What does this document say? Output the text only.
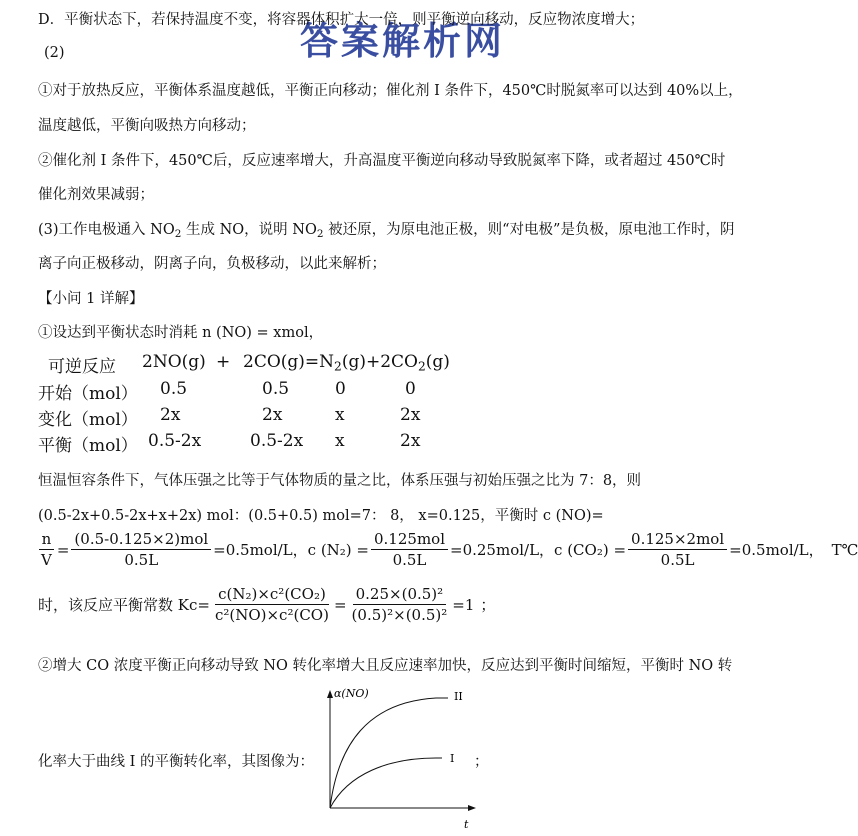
答案解析网
D．平衡状态下，若保持温度不变，将容器体积扩大一倍，则平衡逆向移动，反应物浓度增大；
(2)
①对于放热反应，平衡体系温度越低，平衡正向移动；催化剂 I 条件下，450℃时脱氮率可以达到 40%以上，
温度越低，平衡向吸热方向移动；
②催化剂 I 条件下，450℃后，反应速率增大，升高温度平衡逆向移动导致脱氮率下降，或者超过 450℃时
催化剂效果减弱；
(3)工作电极通入 $NO_2$ 生成 NO，说明 $NO_2$ 被还原，为原电池正极，则“对电极”是负极，原电池工作时，阴
离子向正极移动，阴离子向，负极移动，以此来解析；
【小问 1 详解】
①设达到平衡状态时消耗 n (NO) = xmol，
可逆反应 $2NO(g) + 2CO(g)=N_2(g)+2CO_2(g)$
开始（mol） 0.5	0.5	0	0
变化（mol） 2x	2x	x	2x
平衡（mol） 0.5-2x	0.5-2x x	2x
恒温恒容条件下，气体压强之比等于气体物质的量之比，体系压强与初始压强之比为 7：8，则
(0.5-2x+0.5-2x+x+2x) mol：(0.5+0.5) mol=7： 8， x=0.125，平衡时 c (NO)=
$\frac{n}{V} = \frac{\text{(0.5-0.125×2)mol}}{0.5L} =0.5mol/L$，c $(N_2) = \frac{\text{0.125mol}}{0.5L} =0.25mol/L$，c $(CO_2) = \frac{\text{0.125×2mol}}{0.5L} =0.5mol/L$， T℃
时，该反应平衡常数 $Kc= \frac{\text{c(N₂)×c²(CO₂)}}{\text{c²(NO)×c²(CO)}} = \frac{\text{0.25×(0.5)²}}{\text{(0.5)²×(0.5)²}} =1$ ；
②增大 CO 浓度平衡正向移动导致 NO 转化率增大且反应速率加快，反应达到平衡时间缩短，平衡时 NO 转
化率大于曲线 I 的平衡转化率，其图像为：
α(NO)
t
II
I ；
